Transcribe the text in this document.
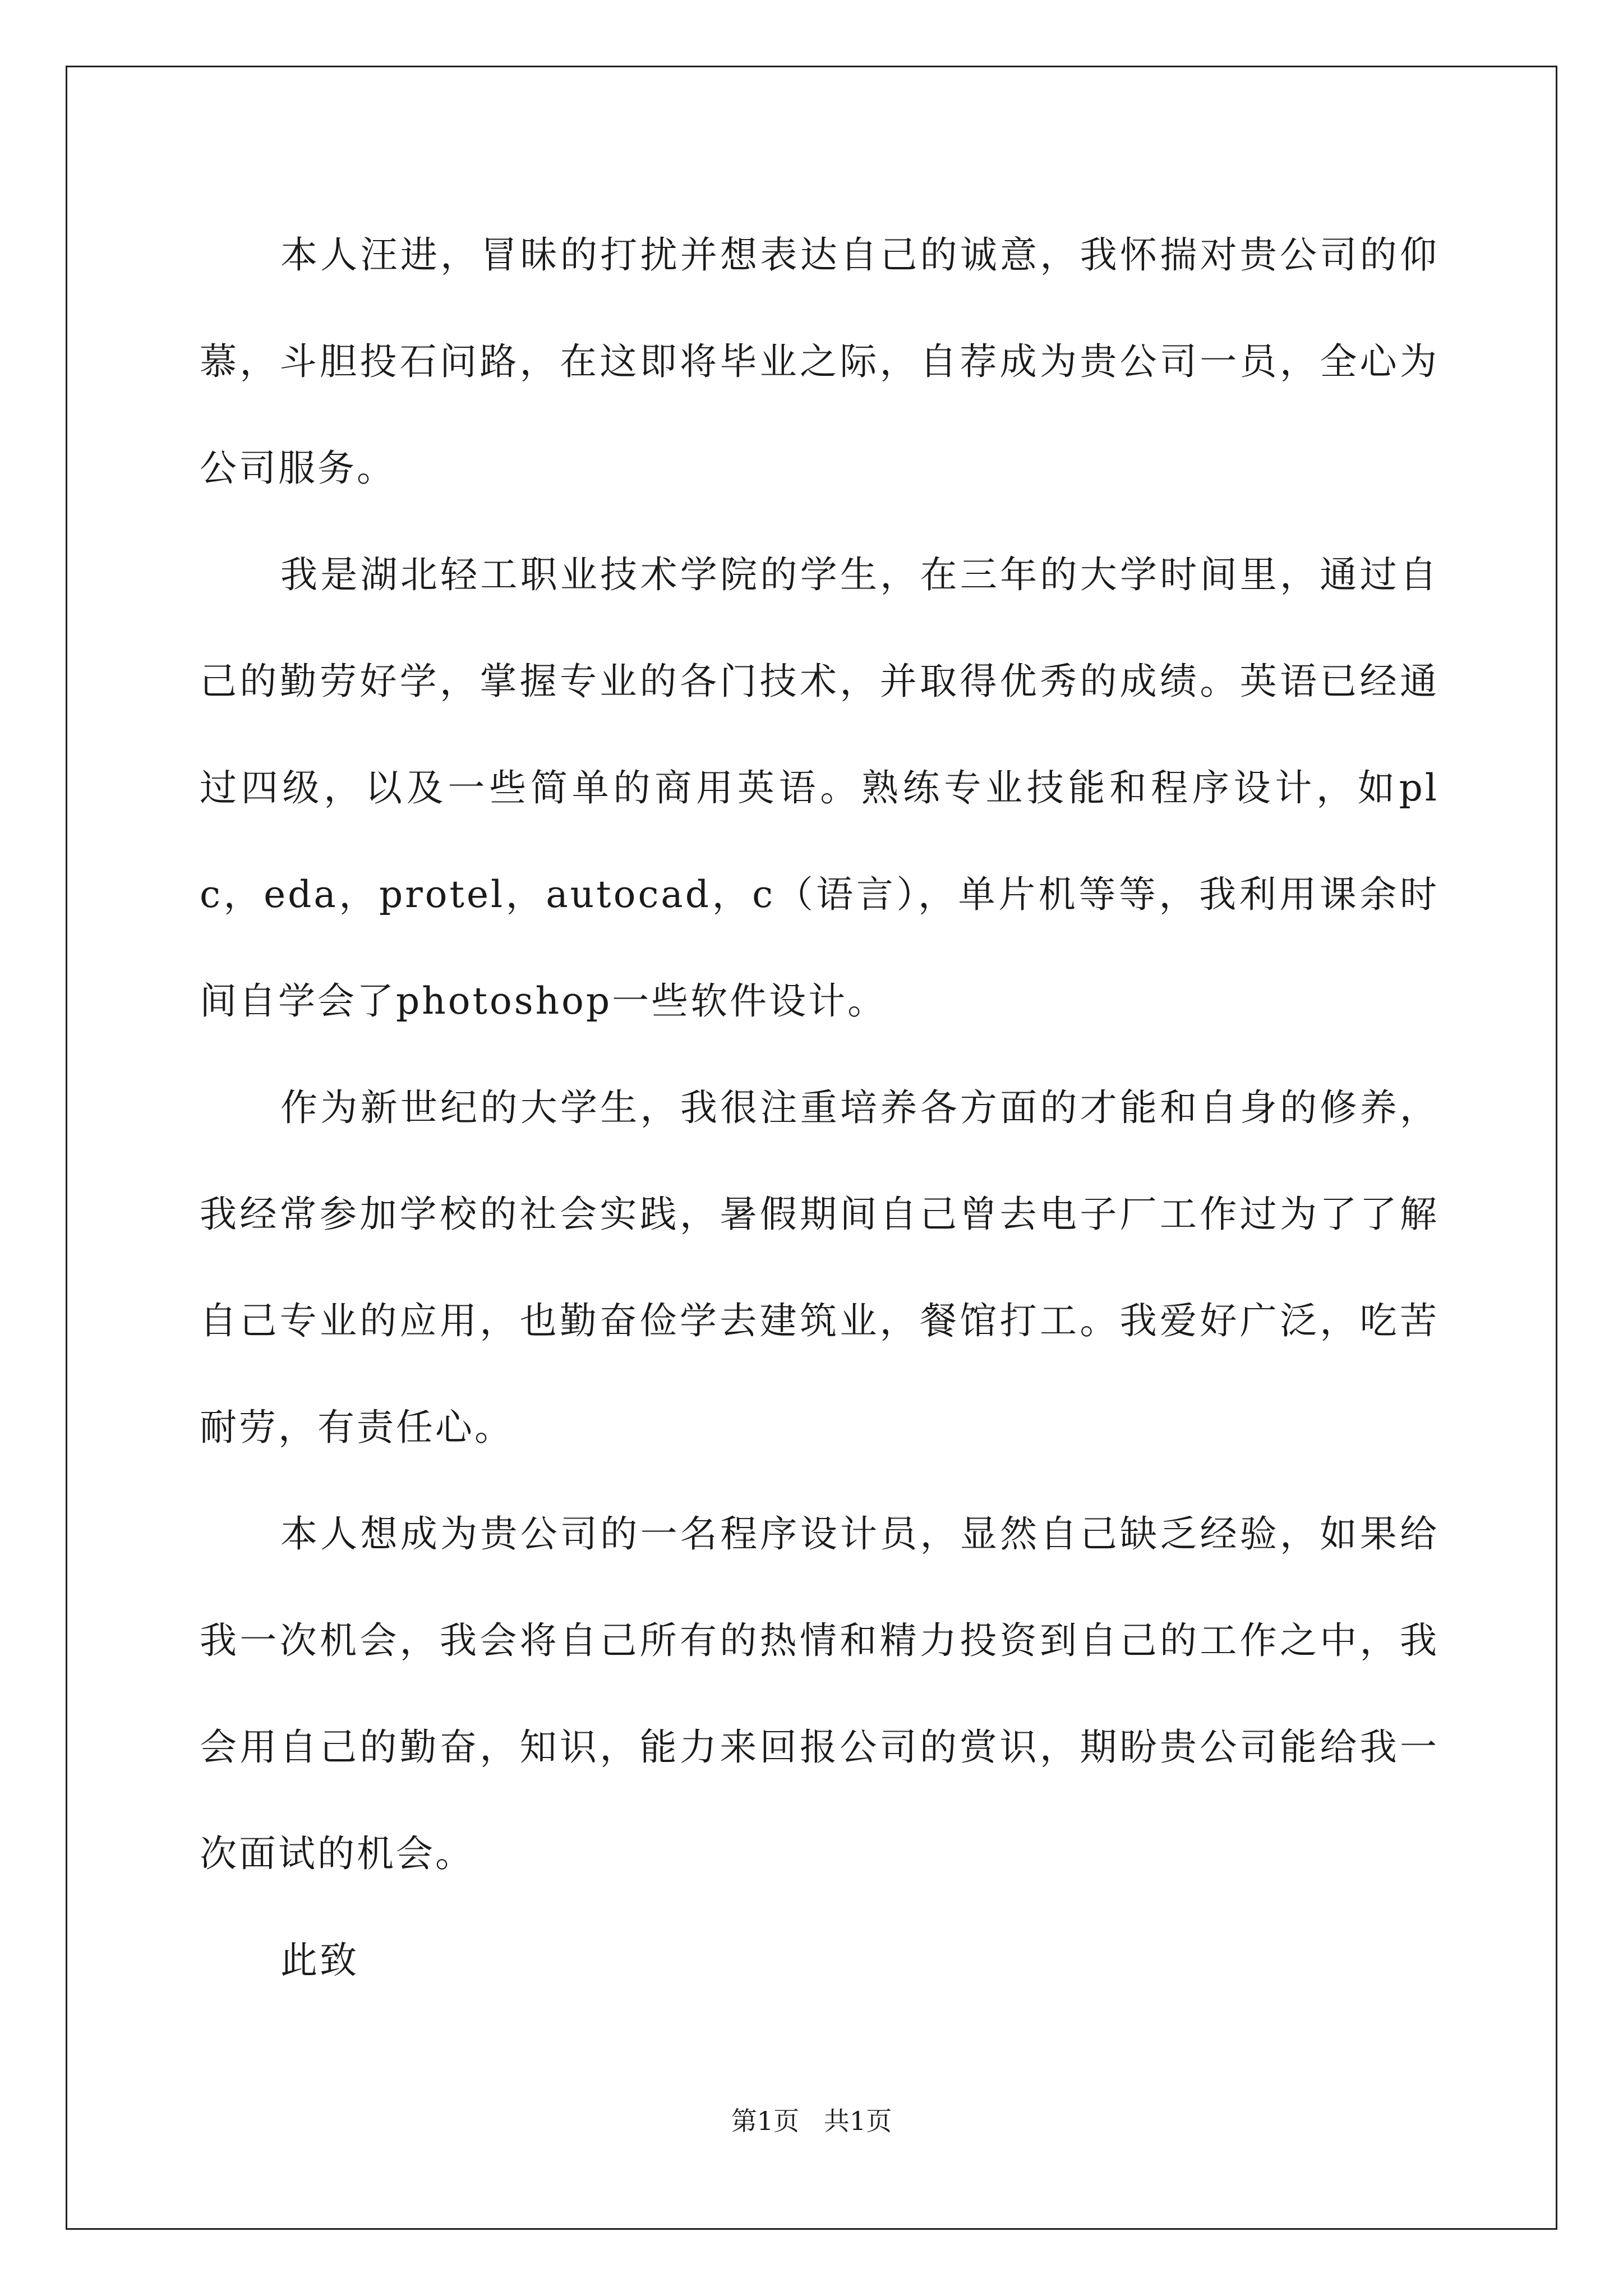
本人汪进，冒昧的打扰并想表达自己的诚意，我怀揣对贵公司的仰慕，斗胆投石问路，在这即将毕业之际，自荐成为贵公司一员，全心为公司服务。

我是湖北轻工职业技术学院的学生，在三年的大学时间里，通过自己的勤劳好学，掌握专业的各门技术，并取得优秀的成绩。英语已经通过四级，以及一些简单的商用英语。熟练专业技能和程序设计，如plc，eda，protel，autocad，c（语言），单片机等等，我利用课余时间自学会了photoshop一些软件设计。

作为新世纪的大学生，我很注重培养各方面的才能和自身的修养，我经常参加学校的社会实践，暑假期间自己曾去电子厂工作过为了了解自己专业的应用，也勤奋俭学去建筑业，餐馆打工。我爱好广泛，吃苦耐劳，有责任心。

本人想成为贵公司的一名程序设计员，显然自己缺乏经验，如果给我一次机会，我会将自己所有的热情和精力投资到自己的工作之中，我会用自己的勤奋，知识，能力来回报公司的赏识，期盼贵公司能给我一次面试的机会。

此致

第1页   共1页
